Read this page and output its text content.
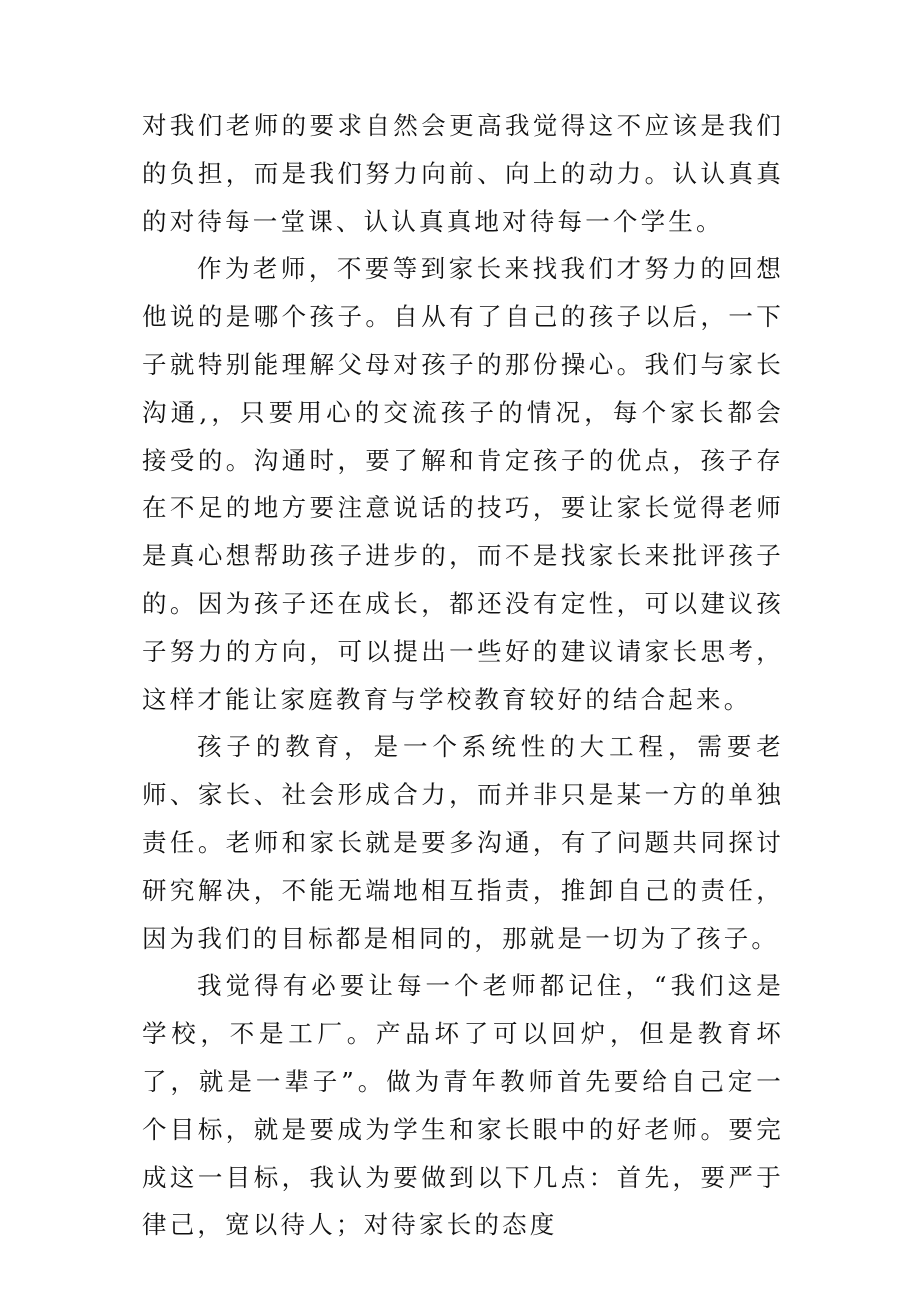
对我们老师的要求自然会更高我觉得这不应该是我们的负担，而是我们努力向前、向上的动力。认认真真的对待每一堂课、认认真真地对待每一个学生。

作为老师，不要等到家长来找我们才努力的回想他说的是哪个孩子。自从有了自己的孩子以后，一下子就特别能理解父母对孩子的那份操心。我们与家长沟通,，只要用心的交流孩子的情况，每个家长都会接受的。沟通时，要了解和肯定孩子的优点，孩子存在不足的地方要注意说话的技巧，要让家长觉得老师是真心想帮助孩子进步的，而不是找家长来批评孩子的。因为孩子还在成长，都还没有定性，可以建议孩子努力的方向，可以提出一些好的建议请家长思考，这样才能让家庭教育与学校教育较好的结合起来。

孩子的教育，是一个系统性的大工程，需要老师、家长、社会形成合力，而并非只是某一方的单独责任。老师和家长就是要多沟通，有了问题共同探讨研究解决，不能无端地相互指责，推卸自己的责任，因为我们的目标都是相同的，那就是一切为了孩子。

我觉得有必要让每一个老师都记住，“我们这是学校，不是工厂。产品坏了可以回炉，但是教育坏了，就是一辈子”。做为青年教师首先要给自己定一个目标，就是要成为学生和家长眼中的好老师。要完成这一目标，我认为要做到以下几点：首先，要严于律己，宽以待人；对待家长的态度
